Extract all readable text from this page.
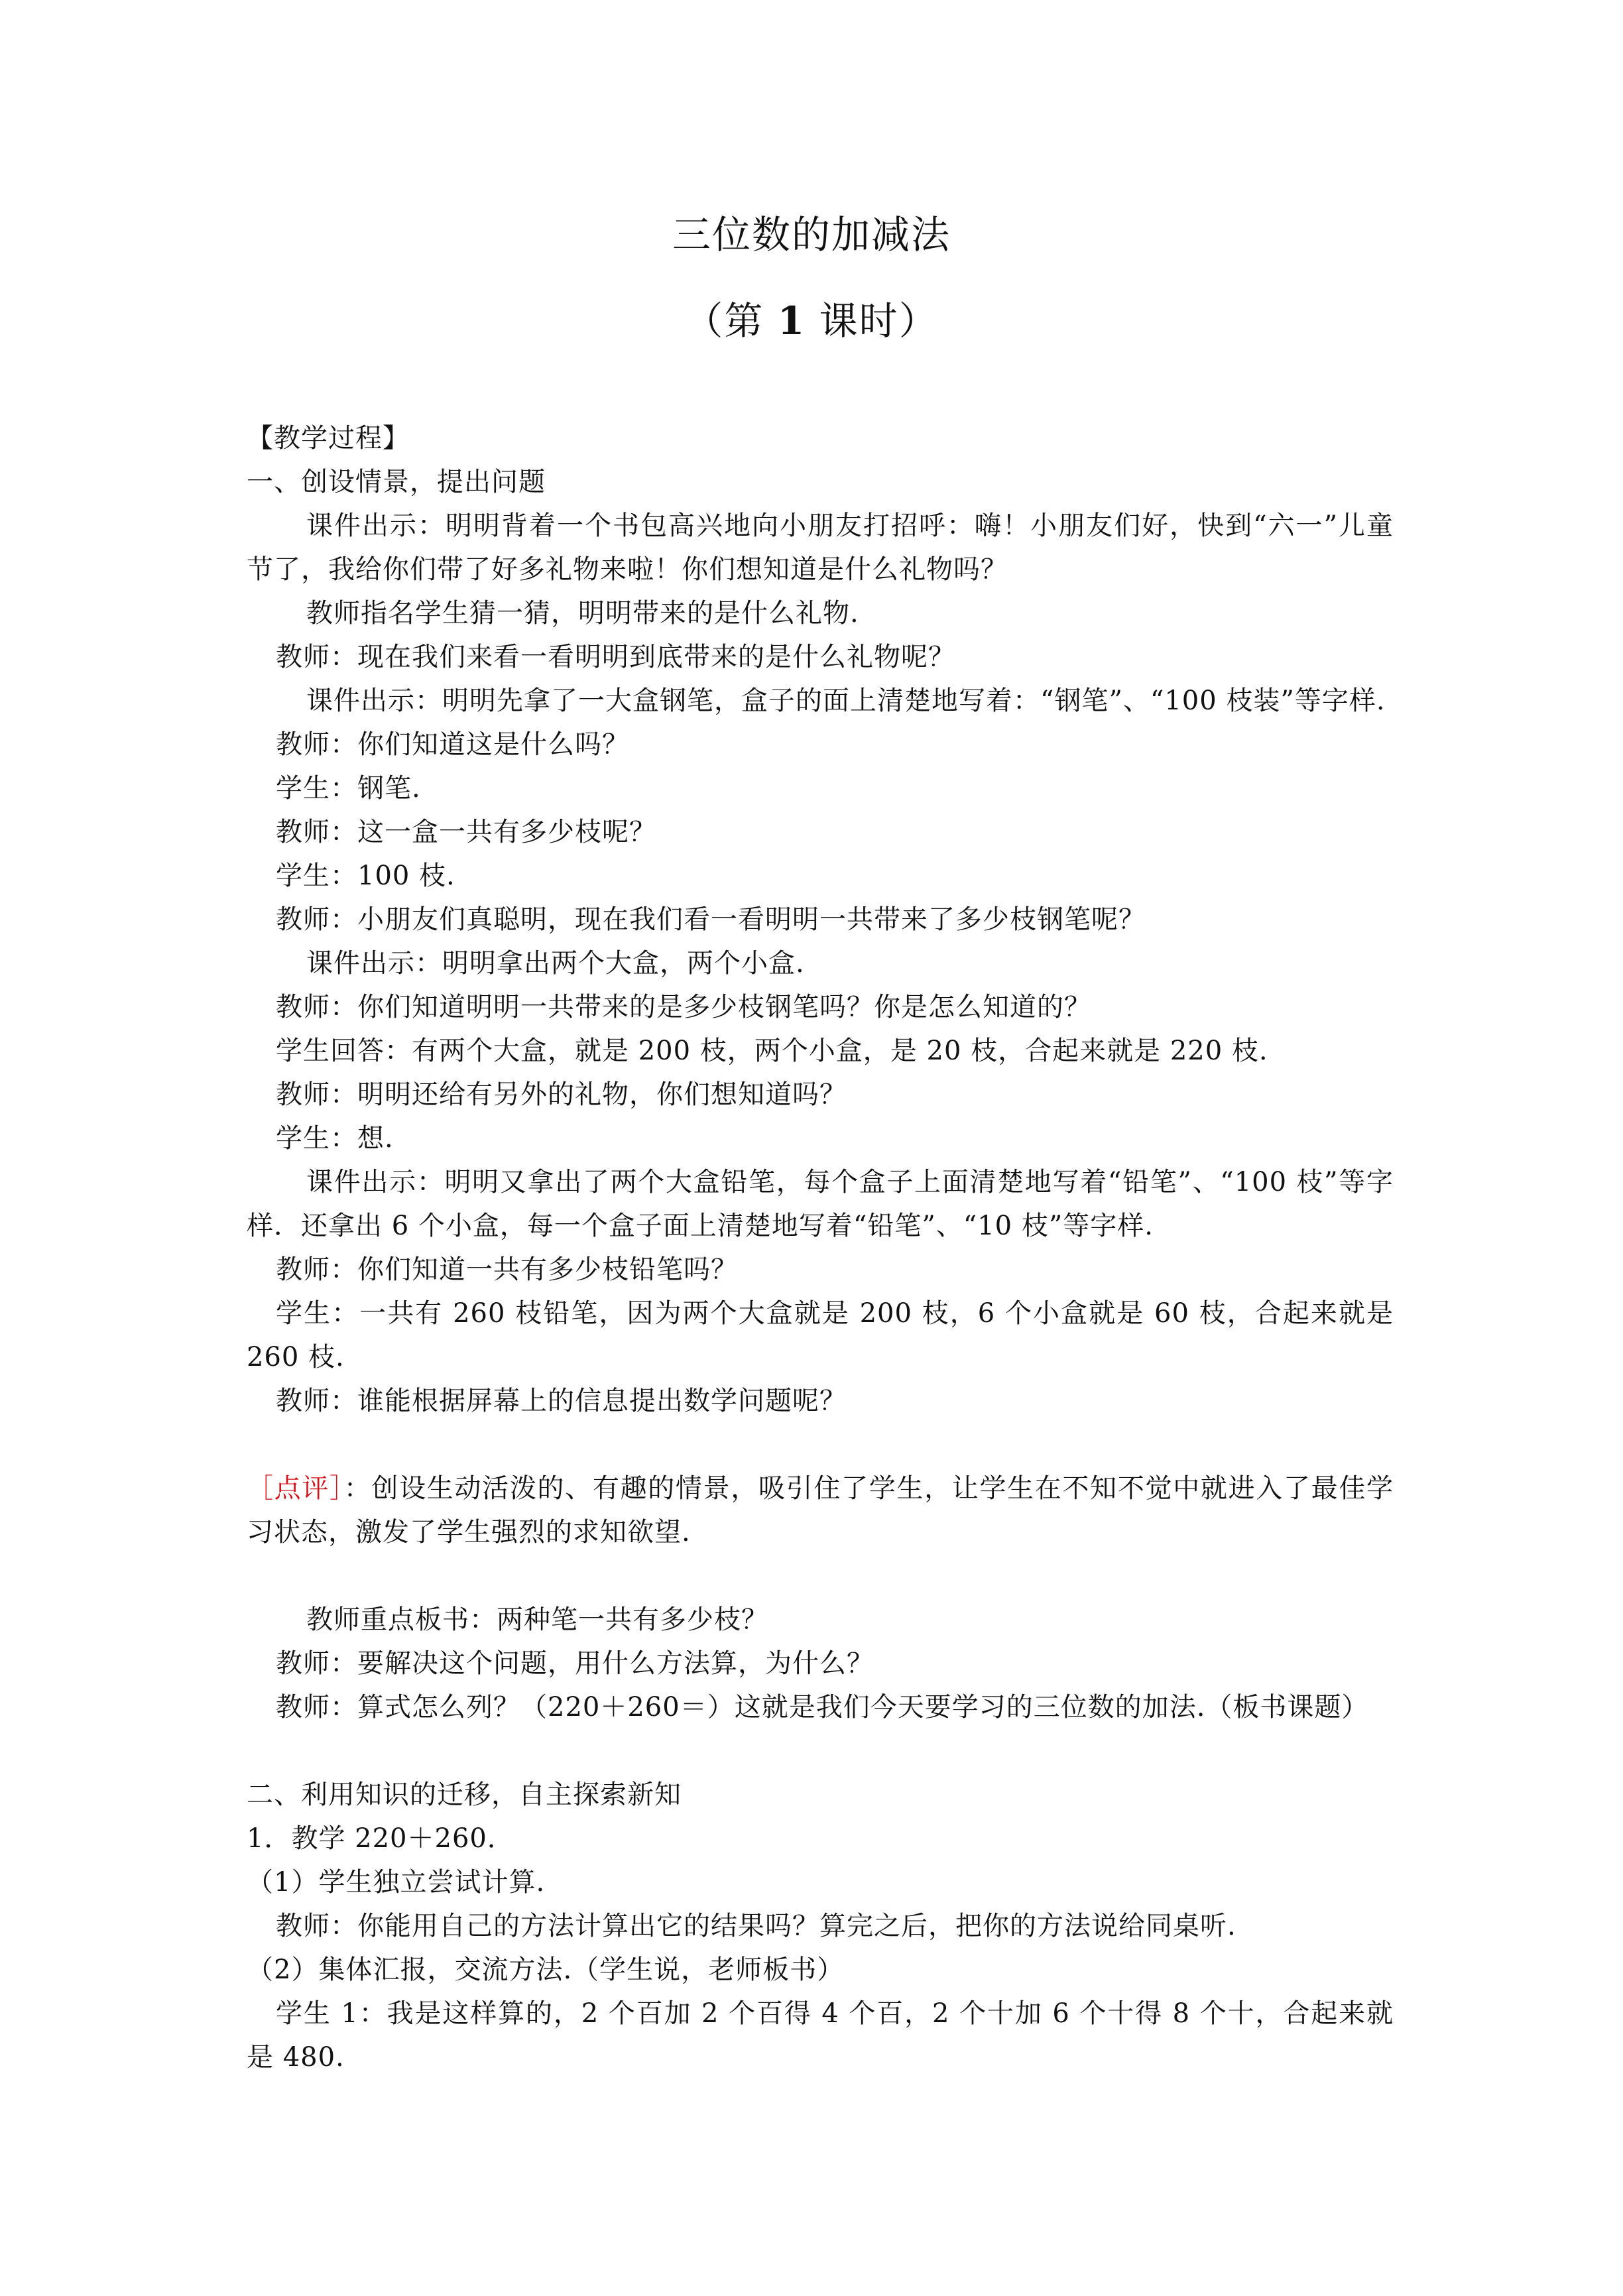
三位数的加减法
（第 1 课时）

【教学过程】

一、创设情景，提出问题

课件出示：明明背着一个书包高兴地向小朋友打招呼：嗨！小朋友们好，快到“六一”儿童节了，我给你们带了好多礼物来啦！你们想知道是什么礼物吗？

教师指名学生猜一猜，明明带来的是什么礼物.

教师：现在我们来看一看明明到底带来的是什么礼物呢？

课件出示：明明先拿了一大盒钢笔，盒子的面上清楚地写着：“钢笔”、“100 枝装”等字样.

教师：你们知道这是什么吗？

学生：钢笔.

教师：这一盒一共有多少枝呢？

学生：100 枝.

教师：小朋友们真聪明，现在我们看一看明明一共带来了多少枝钢笔呢？

课件出示：明明拿出两个大盒，两个小盒.

教师：你们知道明明一共带来的是多少枝钢笔吗？你是怎么知道的？

学生回答：有两个大盒，就是 200 枝，两个小盒，是 20 枝，合起来就是 220 枝.

教师：明明还给有另外的礼物，你们想知道吗？

学生：想.

课件出示：明明又拿出了两个大盒铅笔，每个盒子上面清楚地写着“铅笔”、“100 枝”等字样．还拿出 6 个小盒，每一个盒子面上清楚地写着“铅笔”、“10 枝”等字样.

教师：你们知道一共有多少枝铅笔吗？

学生：一共有 260 枝铅笔，因为两个大盒就是 200 枝，6 个小盒就是 60 枝，合起来就是 260 枝.

教师：谁能根据屏幕上的信息提出数学问题呢？

［点评］：创设生动活泼的、有趣的情景，吸引住了学生，让学生在不知不觉中就进入了最佳学习状态，激发了学生强烈的求知欲望.

教师重点板书：两种笔一共有多少枝？

教师：要解决这个问题，用什么方法算，为什么？

教师：算式怎么列？（220＋260＝）这就是我们今天要学习的三位数的加法.（板书课题）

二、利用知识的迁移，自主探索新知

1．教学 220＋260．

（1）学生独立尝试计算.

教师：你能用自己的方法计算出它的结果吗？算完之后，把你的方法说给同桌听.

（2）集体汇报，交流方法.（学生说，老师板书）

学生 1：我是这样算的，2 个百加 2 个百得 4 个百，2 个十加 6 个十得 8 个十，合起来就是 480.
